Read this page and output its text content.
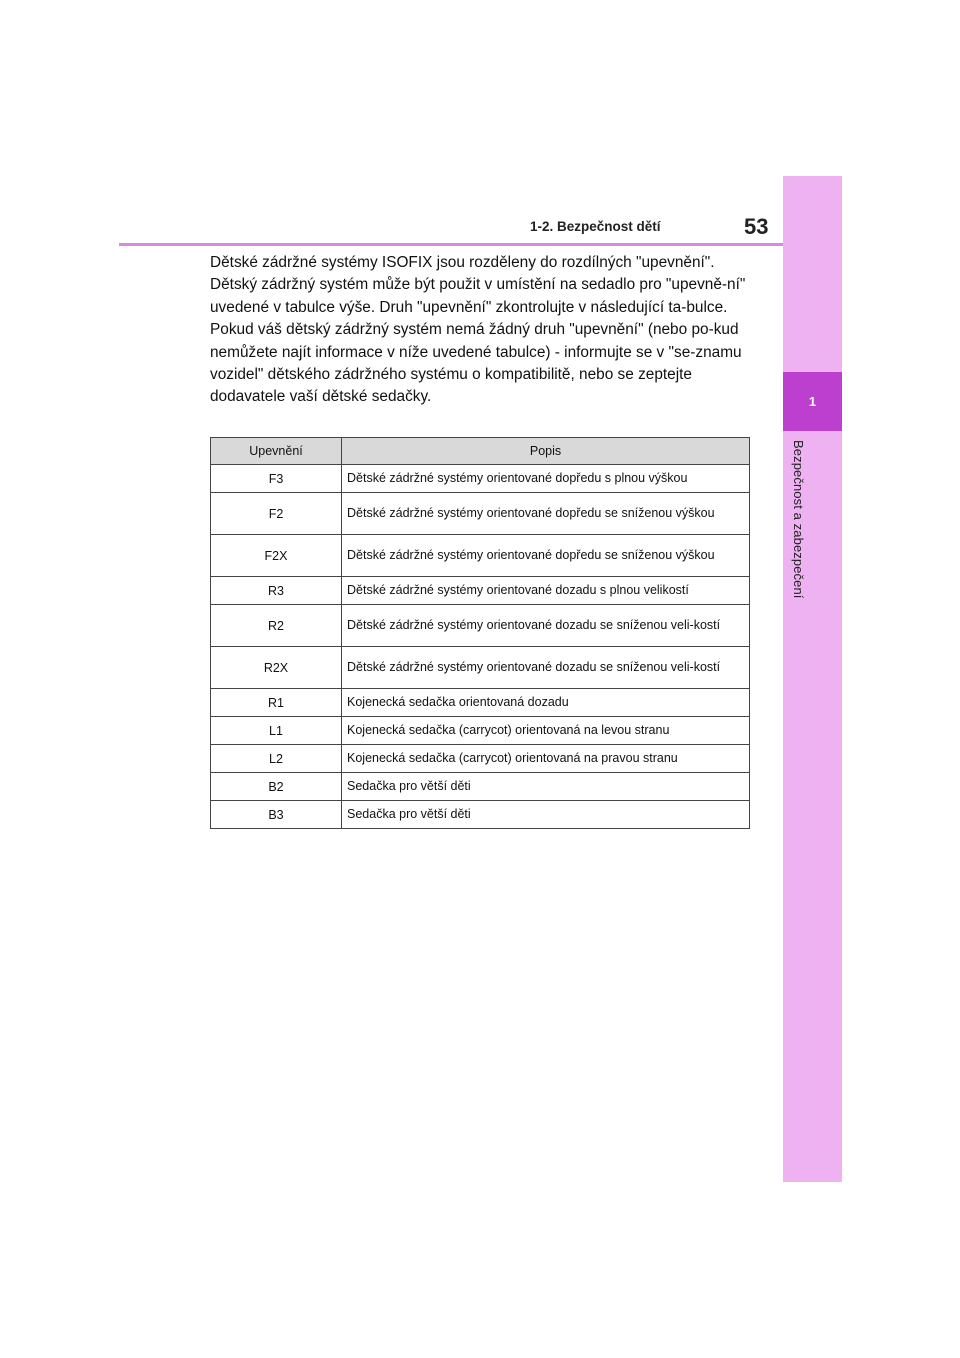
1
Bezpečnost a zabezpečení
1-2. Bezpečnost dětí	53

Dětské zádržné systémy ISOFIX jsou rozděleny do rozdílných "upevnění". Dětský zádržný systém může být použit v umístění na sedadlo pro "upevně-ní" uvedené v tabulce výše. Druh "upevnění" zkontrolujte v následující ta-bulce.

Pokud váš dětský zádržný systém nemá žádný druh "upevnění" (nebo po-kud nemůžete najít informace v níže uvedené tabulce) - informujte se v "se-znamu vozidel" dětského zádržného systému o kompatibilitě, nebo se zeptejte dodavatele vaší dětské sedačky.

Upevnění	Popis
F3	Dětské zádržné systémy orientované dopředu s plnou výškou
F2	Dětské zádržné systémy orientované dopředu se sníženou výškou
F2X	Dětské zádržné systémy orientované dopředu se sníženou výškou
R3	Dětské zádržné systémy orientované dozadu s plnou velikostí
R2	Dětské zádržné systémy orientované dozadu se sníženou veli-kostí
R2X	Dětské zádržné systémy orientované dozadu se sníženou veli-kostí
R1	Kojenecká sedačka orientovaná dozadu
L1	Kojenecká sedačka (carrycot) orientovaná na levou stranu
L2	Kojenecká sedačka (carrycot) orientovaná na pravou stranu
B2	Sedačka pro větší děti
B3	Sedačka pro větší děti
